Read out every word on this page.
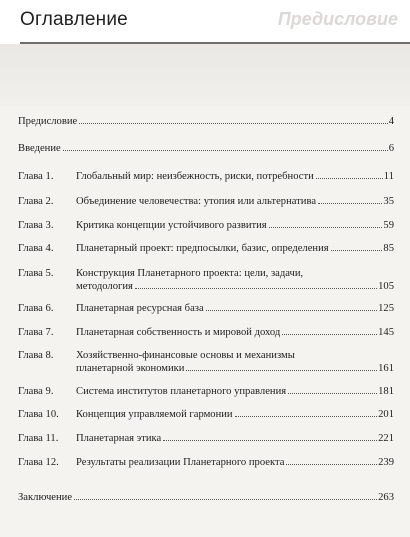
Оглавление	Предисловие
Предисловие	4
Введение	6
Глава 1.	Глобальный мир: неизбежность, риски, потребности	11
Глава 2.	Объединение человечества: утопия или альтернатива	35
Глава 3.	Критика концепции устойчивого развития	59
Глава 4.	Планетарный проект: предпосылки, базис, определения	85
Глава 5.	Конструкция Планетарного проекта: цели, задачи,
методология	105
Глава 6.	Планетарная ресурсная база	125
Глава 7.	Планетарная собственность и мировой доход	145
Глава 8.	Хозяйственно-финансовые основы и механизмы
планетарной экономики	161
Глава 9.	Система институтов планетарного управления	181
Глава 10.	Концепция управляемой гармонии	201
Глава 11.	Планетарная этика	221
Глава 12.	Результаты реализации Планетарного проекта	239
Заключение	263
